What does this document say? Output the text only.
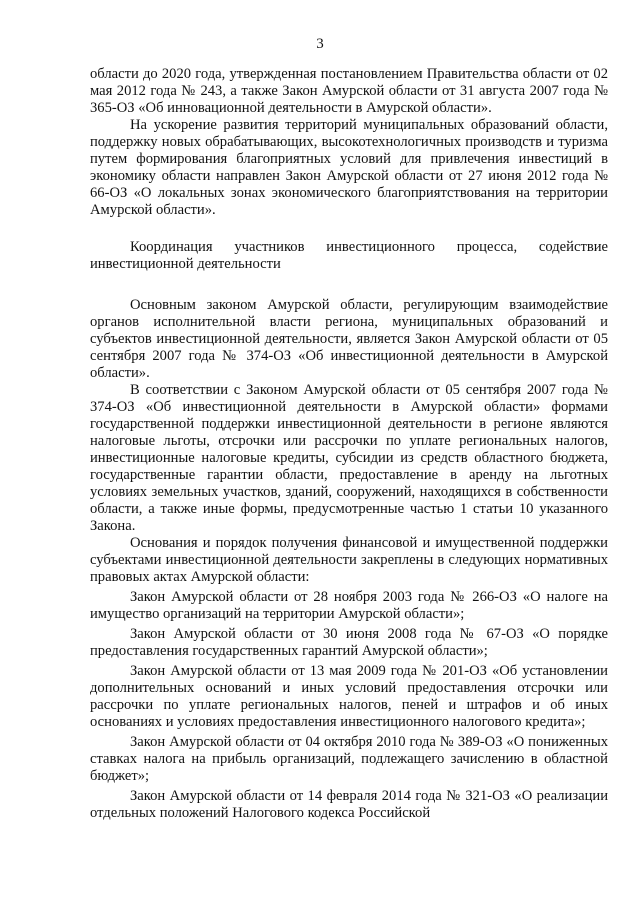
3

области до 2020 года, утвержденная постановлением Правительства области от 02 мая 2012 года № 243, а также Закон Амурской области от 31 августа 2007 года № 365-ОЗ «Об инновационной деятельности в Амурской области».

На ускорение развития территорий муниципальных образований области, поддержку новых обрабатывающих, высокотехнологичных производств и туризма путем формирования благоприятных условий для привлечения инвестиций в экономику области направлен Закон Амурской области от 27 июня 2012 года № 66-ОЗ «О локальных зонах экономического благоприятствования на территории Амурской области».

Координация участников инвестиционного процесса, содействие инвестиционной деятельности

Основным законом Амурской области, регулирующим взаимодействие органов исполнительной власти региона, муниципальных образований и субъектов инвестиционной деятельности, является Закон Амурской области от 05 сентября 2007 года № 374-ОЗ «Об инвестиционной деятельности в Амурской области».

В соответствии с Законом Амурской области от 05 сентября 2007 года № 374-ОЗ «Об инвестиционной деятельности в Амурской области» формами государственной поддержки инвестиционной деятельности в регионе являются налоговые льготы, отсрочки или рассрочки по уплате региональных налогов, инвестиционные налоговые кредиты, субсидии из средств областного бюджета, государственные гарантии области, предоставление в аренду на льготных условиях земельных участков, зданий, сооружений, находящихся в собственности области, а также иные формы, предусмотренные частью 1 статьи 10 указанного Закона.

Основания и порядок получения финансовой и имущественной поддержки субъектами инвестиционной деятельности закреплены в следующих нормативных правовых актах Амурской области:

Закон Амурской области от 28 ноября 2003 года № 266-ОЗ «О налоге на имущество организаций на территории Амурской области»;

Закон Амурской области от 30 июня 2008 года № 67-ОЗ «О порядке предоставления государственных гарантий Амурской области»;

Закон Амурской области от 13 мая 2009 года № 201-ОЗ «Об установлении дополнительных оснований и иных условий предоставления отсрочки или рассрочки по уплате региональных налогов, пеней и штрафов и об иных основаниях и условиях предоставления инвестиционного налогового кредита»;

Закон Амурской области от 04 октября 2010 года № 389-ОЗ «О пониженных ставках налога на прибыль организаций, подлежащего зачислению в областной бюджет»;

Закон Амурской области от 14 февраля 2014 года № 321-ОЗ «О реализации отдельных положений Налогового кодекса Российской
